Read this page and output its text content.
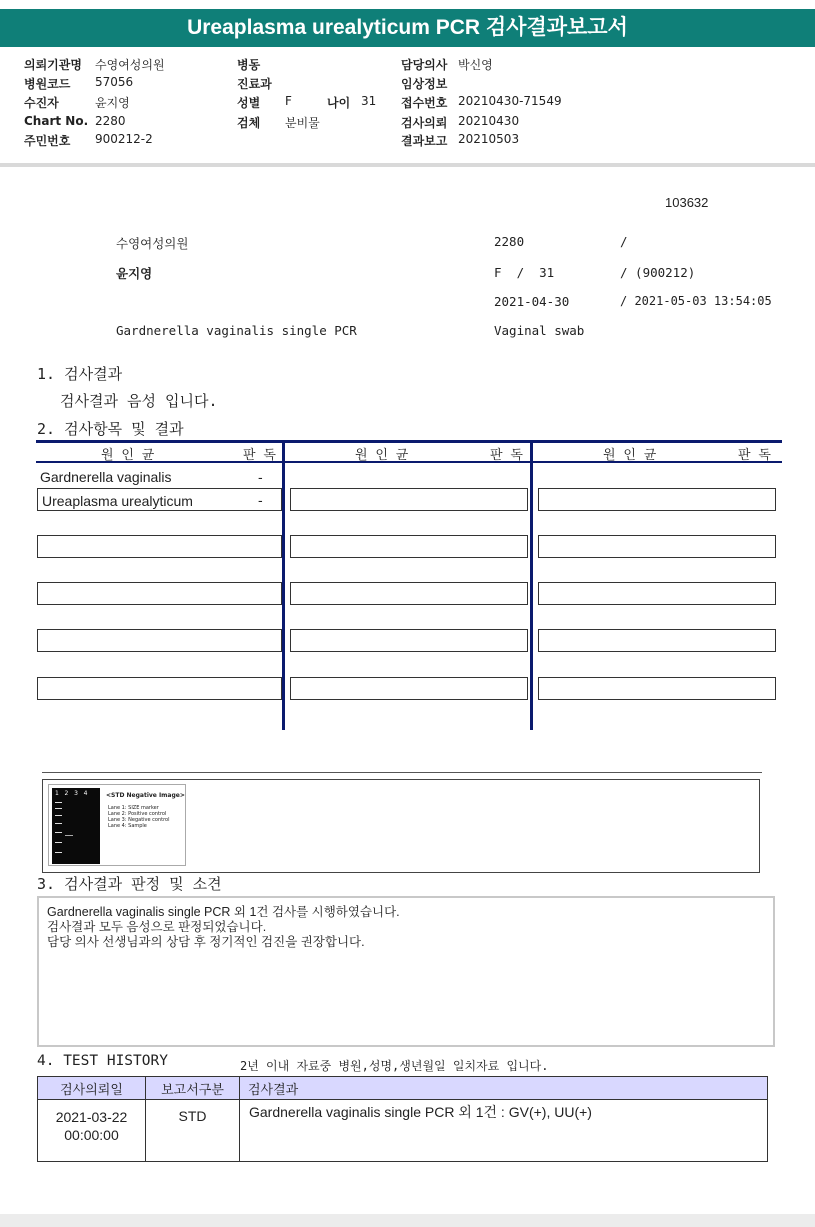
Ureaplasma urealyticum PCR 검사결과보고서
의뢰기관명 수영여성의원	병동	담당의사 박신영
병원코드 57056	진료과	임상정보
수진자	윤지영	성별 F	나이 31 접수번호 20210430-71549
Chart No. 2280	검체 분비물	검사의뢰 20210430
주민번호 900212-2	결과보고 20210503
103632
수영여성의원	2280	/
윤지영	F  /  31	/ (900212)
2021-04-30	/ 2021-05-03 13:54:05
Gardnerella vaginalis single PCR	Vaginal swab
1. 검사결과
검사결과 음성 입니다.
2. 검사항목 및 결과
원 인 균	판 독	원 인 균	판 독	원 인 균	판 독
Gardnerella vaginalis	-
Ureaplasma urealyticum	-
1   2   3   4	<STD Negative Image>
Lane 1: SIZE marker
Lane 2: Positive control
Lane 3: Negative control
Lane 4: Sample
3. 검사결과 판정 및 소견
Gardnerella vaginalis single PCR 외 1건 검사를 시행하였습니다.
검사결과 모두 음성으로 판정되었습니다.
담당 의사 선생님과의 상담 후 정기적인 검진을 권장합니다.
4. TEST HISTORY	2년 이내 자료중 병원,성명,생년월일 일치자료 입니다.
검사의뢰일	보고서구분	검사결과

2021-03-22
00:00:00	STD	Gardnerella vaginalis single PCR 외 1건 : GV(+), UU(+)
